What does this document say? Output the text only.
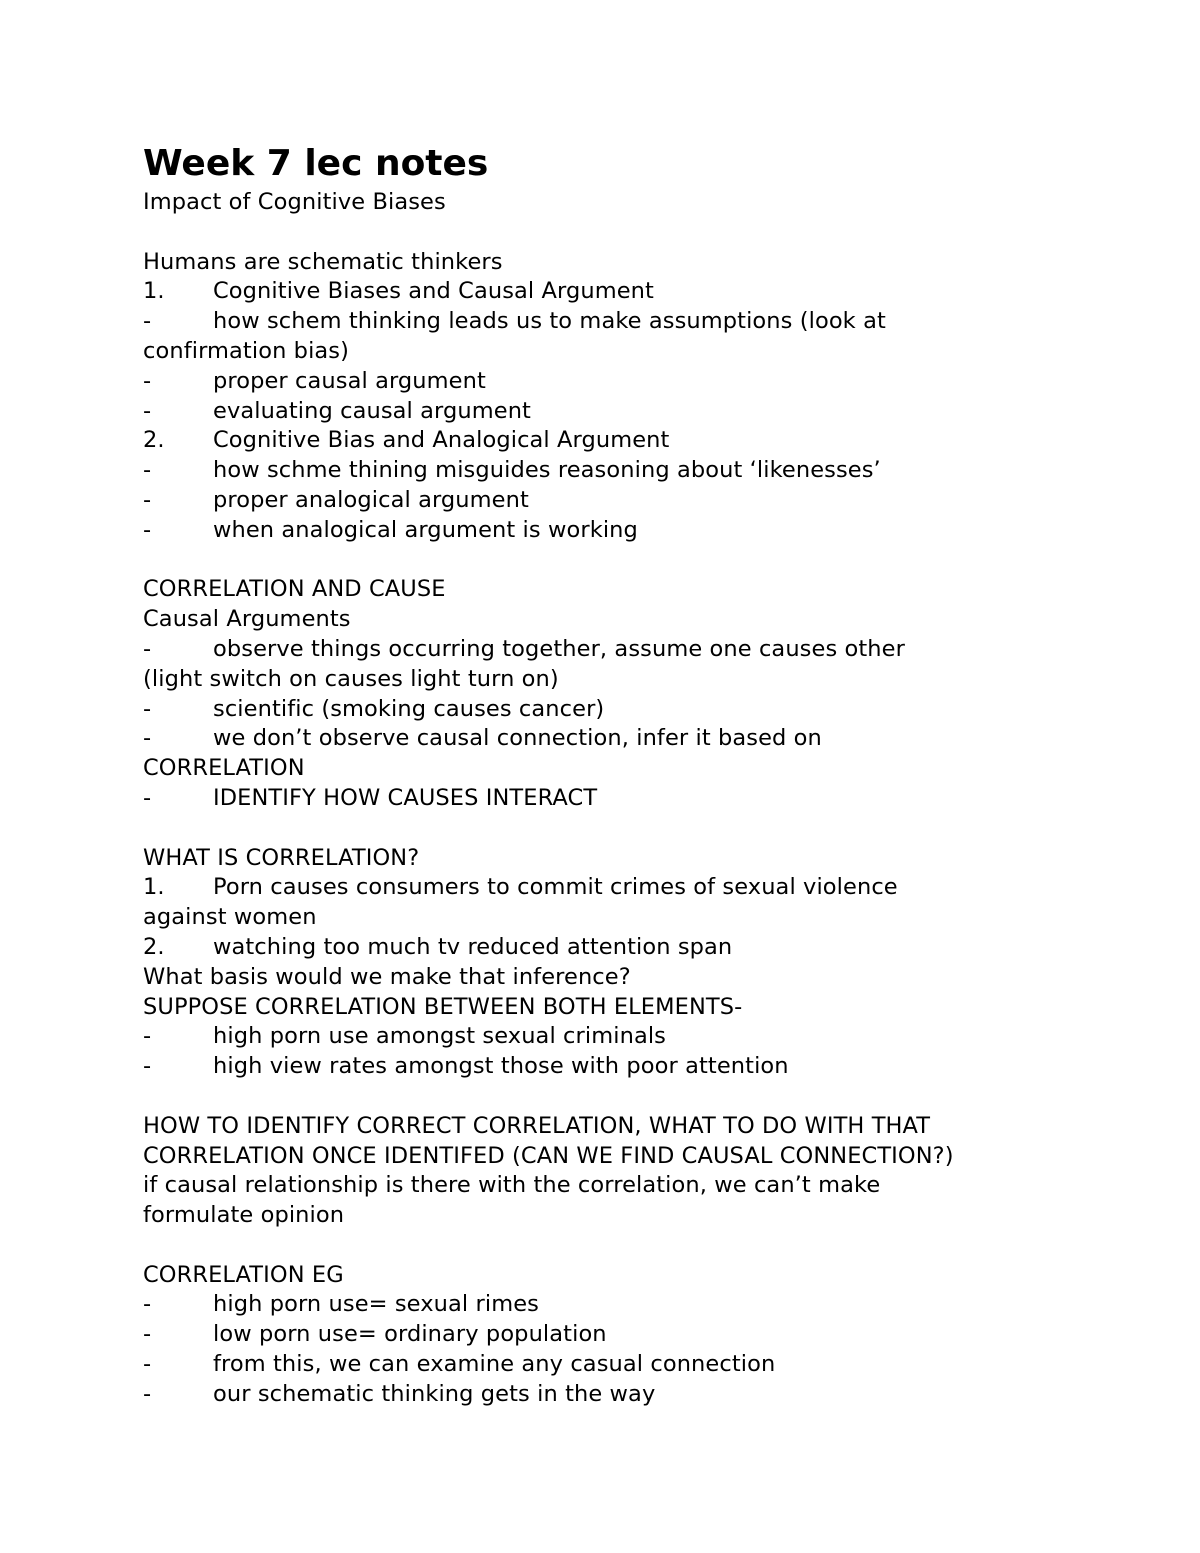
Week 7 lec notes
Impact of Cognitive Biases
Humans are schematic thinkers
1. Cognitive Biases and Causal Argument
-	how schem thinking leads us to make assumptions (look at
confirmation bias)
-	proper causal argument
-	evaluating causal argument
2. Cognitive Bias and Analogical Argument
-	how schme thining misguides reasoning about ‘likenesses’
-	proper analogical argument
-	when analogical argument is working
CORRELATION AND CAUSE
Causal Arguments
-	observe things occurring together, assume one causes other
(light switch on causes light turn on)
-	scientific (smoking causes cancer)
-	we don’t observe causal connection, infer it based on
CORRELATION
-	IDENTIFY HOW CAUSES INTERACT
WHAT IS CORRELATION?
1. Porn causes consumers to commit crimes of sexual violence
against women
2. watching too much tv reduced attention span
What basis would we make that inference?
SUPPOSE CORRELATION BETWEEN BOTH ELEMENTS-
-	high porn use amongst sexual criminals
-	high view rates amongst those with poor attention
HOW TO IDENTIFY CORRECT CORRELATION, WHAT TO DO WITH THAT
CORRELATION ONCE IDENTIFED (CAN WE FIND CAUSAL CONNECTION?)
if causal relationship is there with the correlation, we can’t make
formulate opinion
CORRELATION EG
-	high porn use= sexual rimes
-	low porn use= ordinary population
-	from this, we can examine any casual connection
-	our schematic thinking gets in the way
